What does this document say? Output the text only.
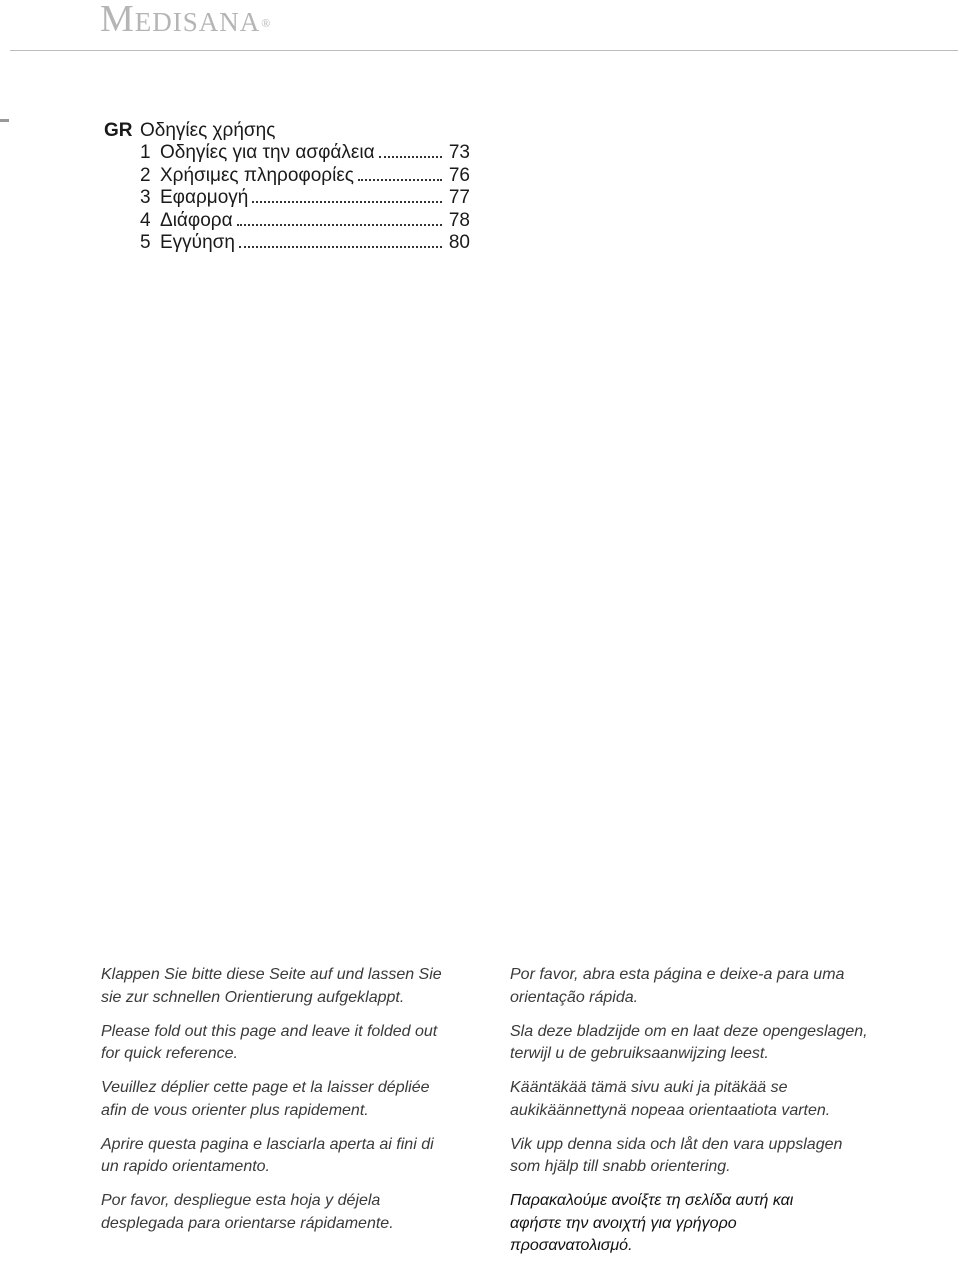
Medisana®
GR Οδηγίες χρήσης
1 Οδηγίες για την ασφάλεια	73
2 Χρήσιμες πληροφορίες	76
3 Εφαρμογή	77
4 Διάφορα	78
5 Εγγύηση	80

Klappen Sie bitte diese Seite auf und lassen Sie
sie zur schnellen Orientierung aufgeklappt.

Please fold out this page and leave it folded out
for quick reference.

Veuillez déplier cette page et la laisser dépliée
afin de vous orienter plus rapidement.

Aprire questa pagina e lasciarla aperta ai fini di
un rapido orientamento.

Por favor, despliegue esta hoja y déjela
desplegada para orientarse rápidamente.

Por favor, abra esta página e deixe-a para uma
orientação rápida.

Sla deze bladzijde om en laat deze opengeslagen,
terwijl u de gebruiksaanwijzing leest.

Kääntäkää tämä sivu auki ja pitäkää se
aukikäännettynä nopeaa orientaatiota varten.

Vik upp denna sida och låt den vara uppslagen
som hjälp till snabb orientering.

Παρακαλούμε ανοίξτε τη σελίδα αυτή και
αφήστε την ανοιχτή για γρήγορο
προσανατολισμό.
